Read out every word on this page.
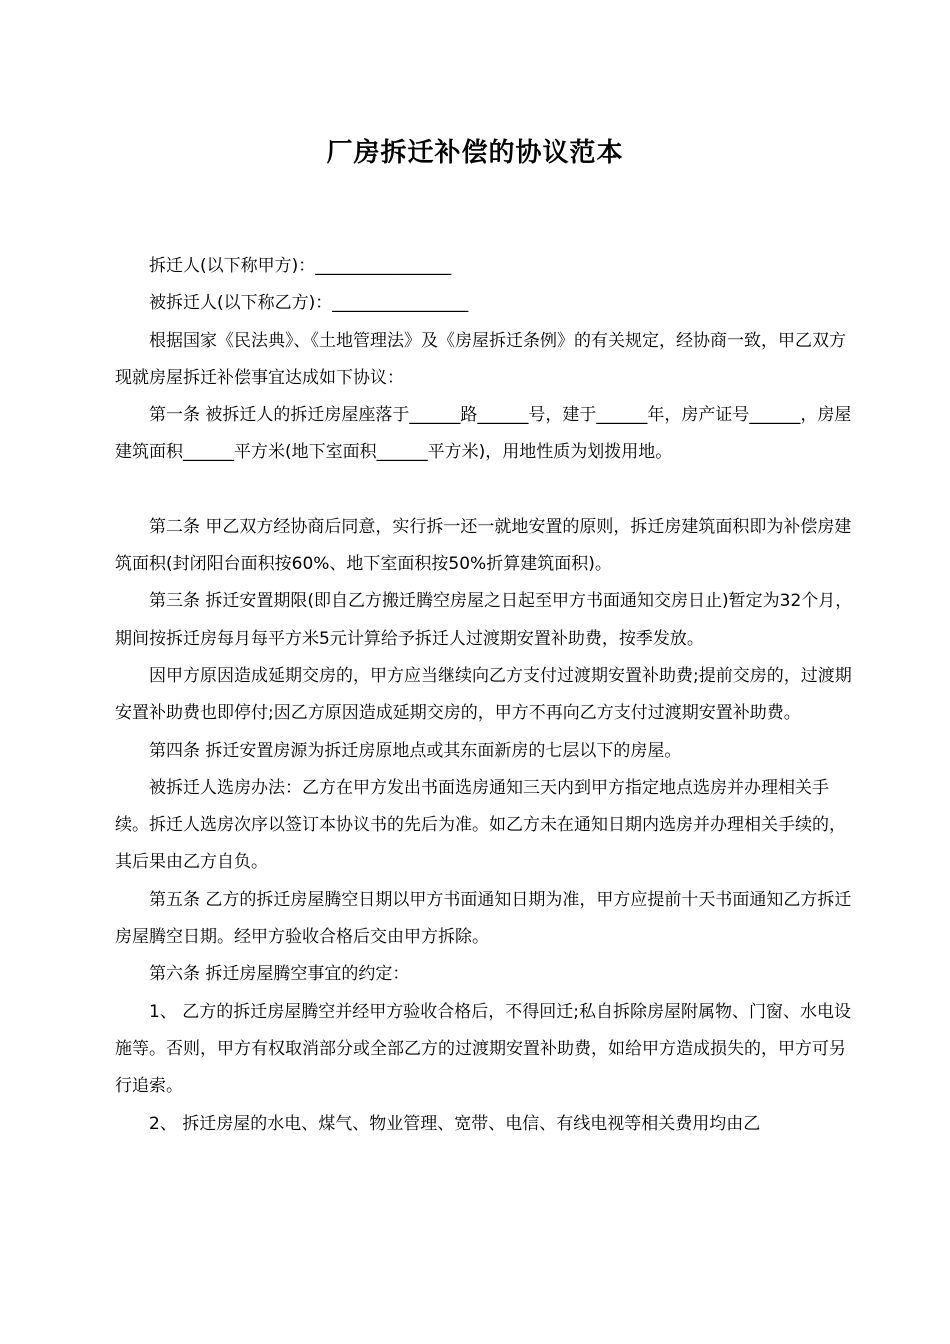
厂房拆迁补偿的协议范本

拆迁人(以下称甲方)：________________

被拆迁人(以下称乙方)：________________

根据国家《民法典》、《土地管理法》及《房屋拆迁条例》的有关规定，经协商一致，甲乙双方现就房屋拆迁补偿事宜达成如下协议：

第一条 被拆迁人的拆迁房屋座落于______路______号，建于______年，房产证号______，房屋建筑面积______平方米(地下室面积______平方米)，用地性质为划拨用地。

第二条 甲乙双方经协商后同意，实行拆一还一就地安置的原则，拆迁房建筑面积即为补偿房建筑面积(封闭阳台面积按60%、地下室面积按50%折算建筑面积)。

第三条 拆迁安置期限(即自乙方搬迁腾空房屋之日起至甲方书面通知交房日止)暂定为32个月，期间按拆迁房每月每平方米5元计算给予拆迁人过渡期安置补助费，按季发放。

因甲方原因造成延期交房的，甲方应当继续向乙方支付过渡期安置补助费;提前交房的，过渡期安置补助费也即停付;因乙方原因造成延期交房的，甲方不再向乙方支付过渡期安置补助费。

第四条 拆迁安置房源为拆迁房原地点或其东面新房的七层以下的房屋。

被拆迁人选房办法：乙方在甲方发出书面选房通知三天内到甲方指定地点选房并办理相关手续。拆迁人选房次序以签订本协议书的先后为准。如乙方未在通知日期内选房并办理相关手续的，其后果由乙方自负。

第五条 乙方的拆迁房屋腾空日期以甲方书面通知日期为准，甲方应提前十天书面通知乙方拆迁房屋腾空日期。经甲方验收合格后交由甲方拆除。

第六条 拆迁房屋腾空事宜的约定：

1、 乙方的拆迁房屋腾空并经甲方验收合格后，不得回迁;私自拆除房屋附属物、门窗、水电设施等。否则，甲方有权取消部分或全部乙方的过渡期安置补助费，如给甲方造成损失的，甲方可另行追索。

2、 拆迁房屋的水电、煤气、物业管理、宽带、电信、有线电视等相关费用均由乙
